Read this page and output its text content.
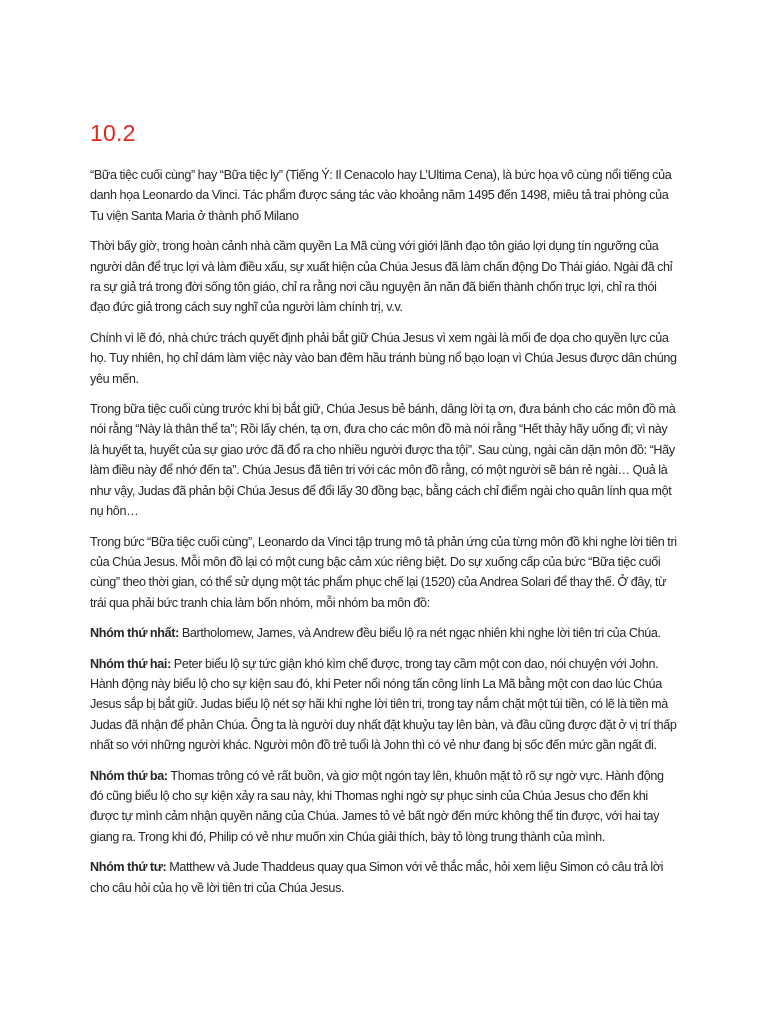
10.2

“Bữa tiệc cuối cùng” hay “Bữa tiệc ly” (Tiếng Ý: Il Cenacolo hay L’Ultima Cena), là bức họa vô cùng nổi tiếng của danh họa Leonardo da Vinci. Tác phẩm được sáng tác vào khoảng năm 1495 đến 1498, miêu tả trai phòng của Tu viện Santa Maria ở thành phố Milano

Thời bấy giờ, trong hoàn cảnh nhà cầm quyền La Mã cùng với giới lãnh đạo tôn giáo lợi dụng tín ngưỡng của người dân để trục lợi và làm điều xấu, sự xuất hiện của Chúa Jesus đã làm chấn động Do Thái giáo. Ngài đã chỉ ra sự giả trá trong đời sống tôn giáo, chỉ ra rằng nơi cầu nguyện ăn năn đã biến thành chốn trục lợi, chỉ ra thói đạo đức giả trong cách suy nghĩ của người làm chính trị, v.v.

Chính vì lẽ đó, nhà chức trách quyết định phải bắt giữ Chúa Jesus vì xem ngài là mối đe dọa cho quyền lực của họ. Tuy nhiên, họ chỉ dám làm việc này vào ban đêm hầu tránh bùng nổ bạo loạn vì Chúa Jesus được dân chúng yêu mến.

Trong bữa tiệc cuối cùng trước khi bị bắt giữ, Chúa Jesus bẻ bánh, dâng lời tạ ơn, đưa bánh cho các môn đồ mà nói rằng “Này là thân thể ta”; Rồi lấy chén, tạ ơn, đưa cho các môn đồ mà nói rằng “Hết thảy hãy uống đi; vì này là huyết ta, huyết của sự giao ước đã đổ ra cho nhiều người được tha tội”. Sau cùng, ngài căn dặn môn đồ: “Hãy làm điều này để nhớ đến ta”. Chúa Jesus đã tiên tri với các môn đồ rằng, có một người sẽ bán rẻ ngài… Quả là như vậy, Judas đã phản bội Chúa Jesus để đổi lấy 30 đồng bạc, bằng cách chỉ điểm ngài cho quân lính qua một nụ hôn…

Trong bức “Bữa tiệc cuối cùng”, Leonardo da Vinci tập trung mô tả phản ứng của từng môn đồ khi nghe lời tiên tri của Chúa Jesus. Mỗi môn đồ lại có một cung bậc cảm xúc riêng biệt. Do sự xuống cấp của bức “Bữa tiệc cuối cùng” theo thời gian, có thể sử dụng một tác phẩm phục chế lại (1520) của Andrea Solari để thay thế. Ở đây, từ trái qua phải bức tranh chia làm bốn nhóm, mỗi nhóm ba môn đồ:

Nhóm thứ nhất: Bartholomew, James, và Andrew đều biểu lộ ra nét ngạc nhiên khi nghe lời tiên tri của Chúa.

Nhóm thứ hai: Peter biểu lộ sự tức giận khó kìm chế được, trong tay cầm một con dao, nói chuyện với John. Hành động này biểu lộ cho sự kiện sau đó, khi Peter nổi nóng tấn công lính La Mã bằng một con dao lúc Chúa Jesus sắp bị bắt giữ. Judas biểu lộ nét sợ hãi khi nghe lời tiên tri, trong tay nắm chặt một túi tiền, có lẽ là tiền mà Judas đã nhận để phản Chúa. Ông ta là người duy nhất đặt khuỷu tay lên bàn, và đầu cũng được đặt ở vị trí thấp nhất so với những người khác. Người môn đồ trẻ tuổi là John thì có vẻ như đang bị sốc đến mức gần ngất đi.

Nhóm thứ ba: Thomas trông có vẻ rất buồn, và giơ một ngón tay lên, khuôn mặt tỏ rõ sự ngờ vực. Hành động đó cũng biểu lộ cho sự kiện xảy ra sau này, khi Thomas nghi ngờ sự phục sinh của Chúa Jesus cho đến khi được tự mình cảm nhận quyền năng của Chúa. James tỏ vẻ bất ngờ đến mức không thể tin được, với hai tay giang ra. Trong khi đó, Philip có vẻ như muốn xin Chúa giải thích, bày tỏ lòng trung thành của mình.

Nhóm thứ tư: Matthew và Jude Thaddeus quay qua Simon với vẻ thắc mắc, hỏi xem liệu Simon có câu trả lời cho câu hỏi của họ về lời tiên tri của Chúa Jesus.
